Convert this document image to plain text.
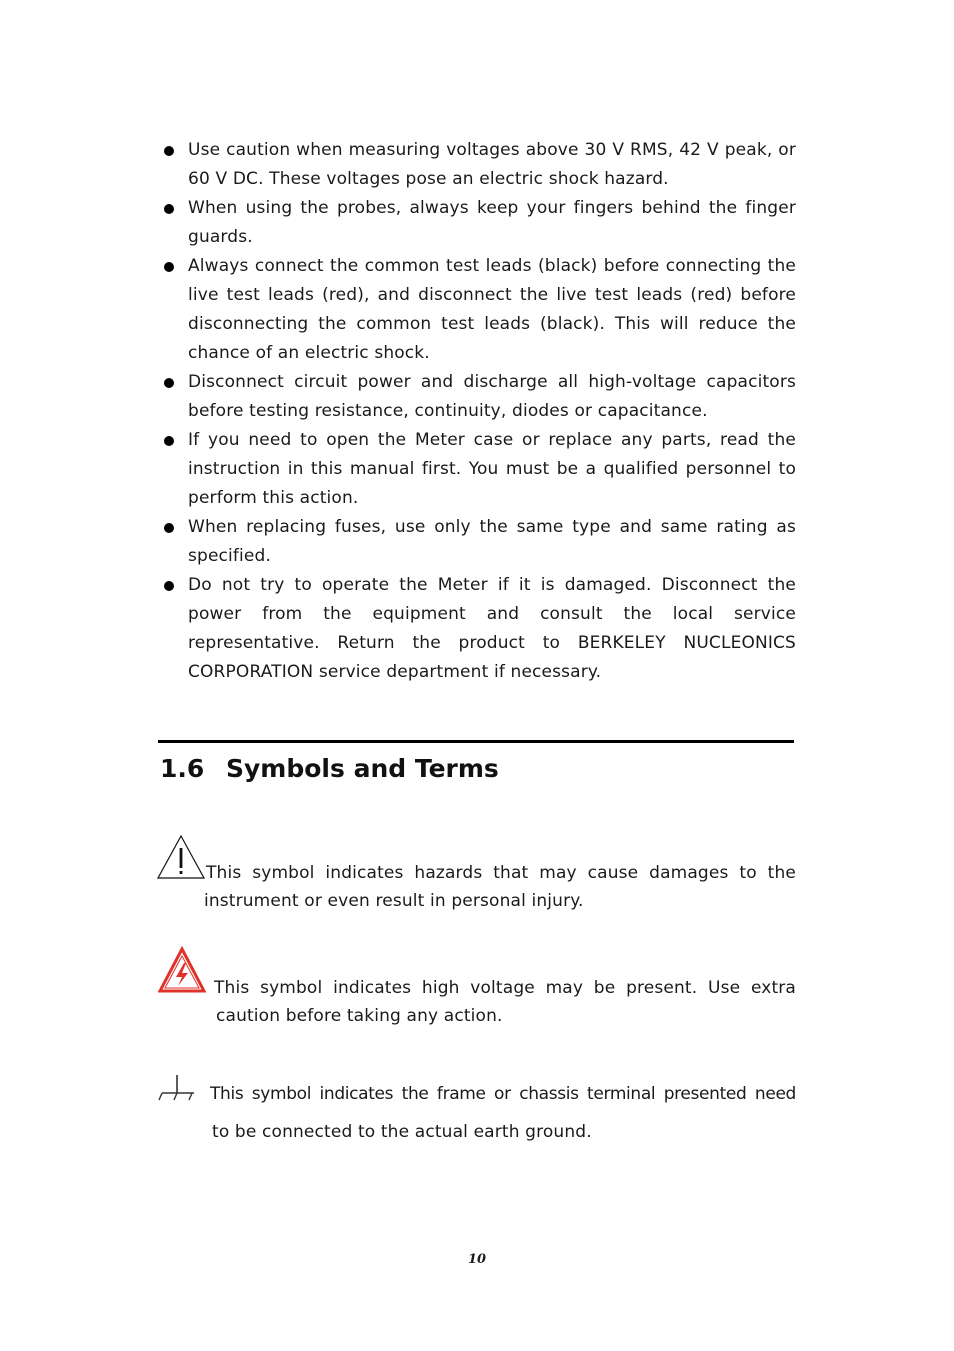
Use caution when measuring voltages above 30 V RMS, 42 V peak, or 60 V DC. These voltages pose an electric shock hazard.
When using the probes, always keep your fingers behind the finger guards.
Always connect the common test leads (black) before connecting the live test leads (red), and disconnect the live test leads (red) before disconnecting the common test leads (black). This will reduce the chance of an electric shock.
Disconnect circuit power and discharge all high-voltage capacitors before testing resistance, continuity, diodes or capacitance.
If you need to open the Meter case or replace any parts, read the instruction in this manual first. You must be a qualified personnel to perform this action.
When replacing fuses, use only the same type and same rating as specified.
Do not try to operate the Meter if it is damaged. Disconnect the power from the equipment and consult the local service representative. Return the product to BERKELEY NUCLEONICS CORPORATION service department if necessary.
1.6 Symbols and Terms
This symbol indicates hazards that may cause damages to the
instrument or even result in personal injury.
This symbol indicates high voltage may be present. Use extra
caution before taking any action.
This symbol indicates the frame or chassis terminal presented need
to be connected to the actual earth ground.
10
